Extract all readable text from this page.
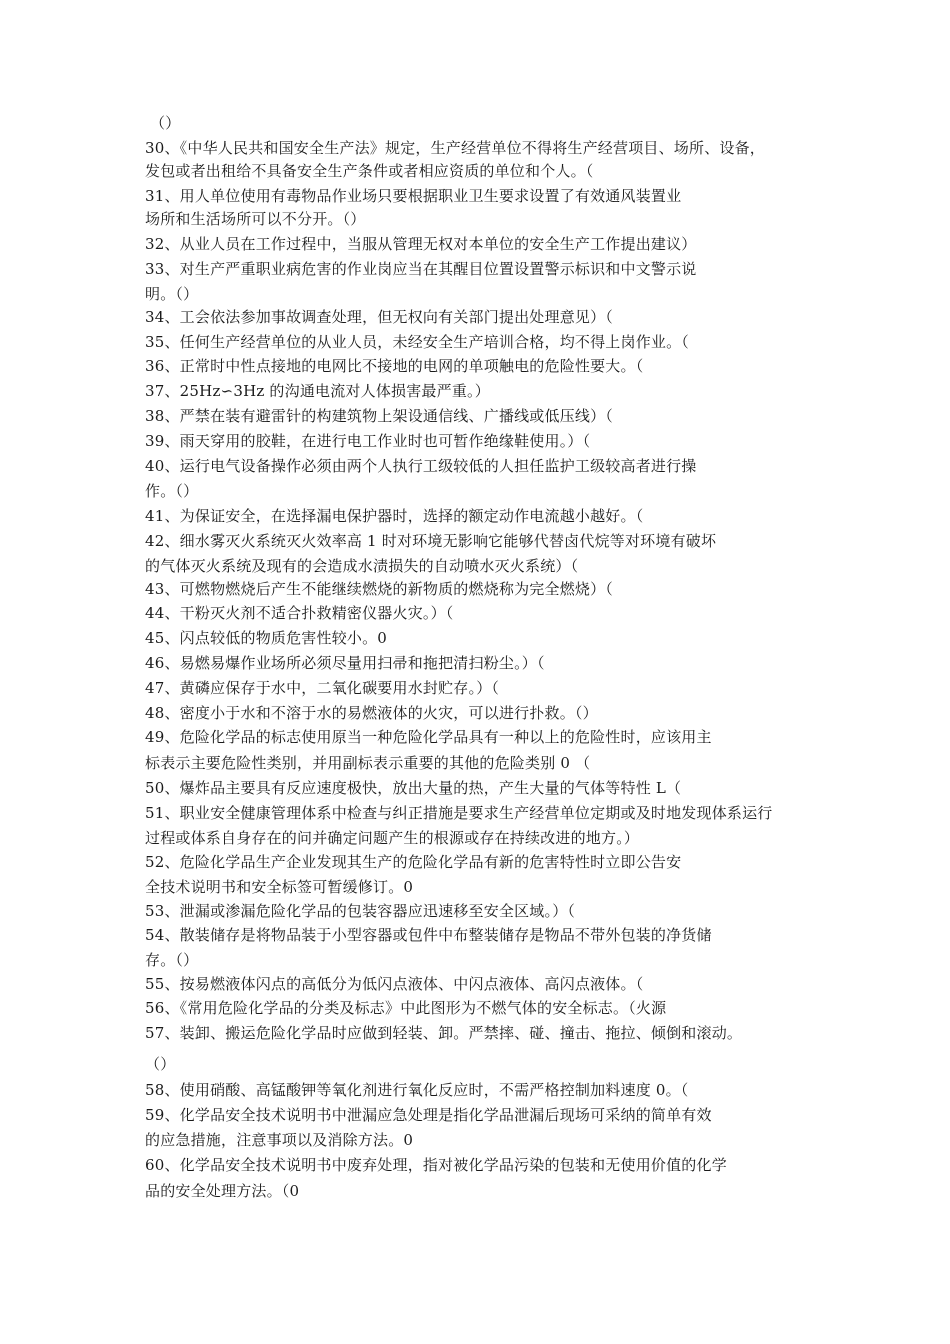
（）
30、《中华人民共和国安全生产法》规定，生产经营单位不得将生产经营项目、场所、设备，
发包或者出租给不具备安全生产条件或者相应资质的单位和个人。（
31、用人单位使用有毒物品作业场只要根据职业卫生要求设置了有效通风装置业
场所和生活场所可以不分开。（）
32、从业人员在工作过程中，当服从管理无权对本单位的安全生产工作提出建议）
33、对生产严重职业病危害的作业岗应当在其醒目位置设置警示标识和中文警示说
明。（）
34、工会依法参加事故调查处理，但无权向有关部门提出处理意见）（
35、任何生产经营单位的从业人员，未经安全生产培训合格，均不得上岗作业。（
36、正常时中性点接地的电网比不接地的电网的单项触电的危险性要大。（
37、25Hz∽3Hz 的沟通电流对人体损害最严重。）
38、严禁在装有避雷针的构建筑物上架设通信线、广播线或低压线）（
39、雨天穿用的胶鞋，在进行电工作业时也可暂作绝缘鞋使用。）（
40、运行电气设备操作必须由两个人执行工级较低的人担任监护工级较高者进行操
作。（）
41、为保证安全，在选择漏电保护器时，选择的额定动作电流越小越好。（
42、细水雾灭火系统灭火效率高 1 时对环境无影响它能够代替卤代烷等对环境有破坏
的气体灭火系统及现有的会造成水渍损失的自动喷水灭火系统）（
43、可燃物燃烧后产生不能继续燃烧的新物质的燃烧称为完全燃烧）（
44、干粉灭火剂不适合扑救精密仪器火灾。）（
45、闪点较低的物质危害性较小。0
46、易燃易爆作业场所必须尽量用扫帚和拖把清扫粉尘。）（
47、黄磷应保存于水中，二氧化碳要用水封贮存。）（
48、密度小于水和不溶于水的易燃液体的火灾，可以进行扑救。（）
49、危险化学品的标志使用原当一种危险化学品具有一种以上的危险性时，应该用主
标表示主要危险性类别，并用副标表示重要的其他的危险类别 0 （
50、爆炸品主要具有反应速度极快，放出大量的热，产生大量的气体等特性 L（
51、职业安全健康管理体系中检查与纠正措施是要求生产经营单位定期或及时地发现体系运行
过程或体系自身存在的问并确定问题产生的根源或存在持续改进的地方。）
52、危险化学品生产企业发现其生产的危险化学品有新的危害特性时立即公告安
全技术说明书和安全标签可暂缓修订。0
53、泄漏或渗漏危险化学品的包装容器应迅速移至安全区域。）（
54、散装储存是将物品装于小型容器或包件中布整装储存是物品不带外包装的净货储
存。（）
55、按易燃液体闪点的高低分为低闪点液体、中闪点液体、高闪点液体。（
56、《常用危险化学品的分类及标志》中此图形为不燃气体的安全标志。（火源
57、装卸、搬运危险化学品时应做到轻装、卸。严禁摔、碰、撞击、拖拉、倾倒和滚动。
（）
58、使用硝酸、高锰酸钾等氧化剂进行氧化反应时，不需严格控制加料速度 0。（
59、化学品安全技术说明书中泄漏应急处理是指化学品泄漏后现场可采纳的简单有效
的应急措施，注意事项以及消除方法。0
60、化学品安全技术说明书中废弃处理，指对被化学品污染的包装和无使用价值的化学
品的安全处理方法。（0
